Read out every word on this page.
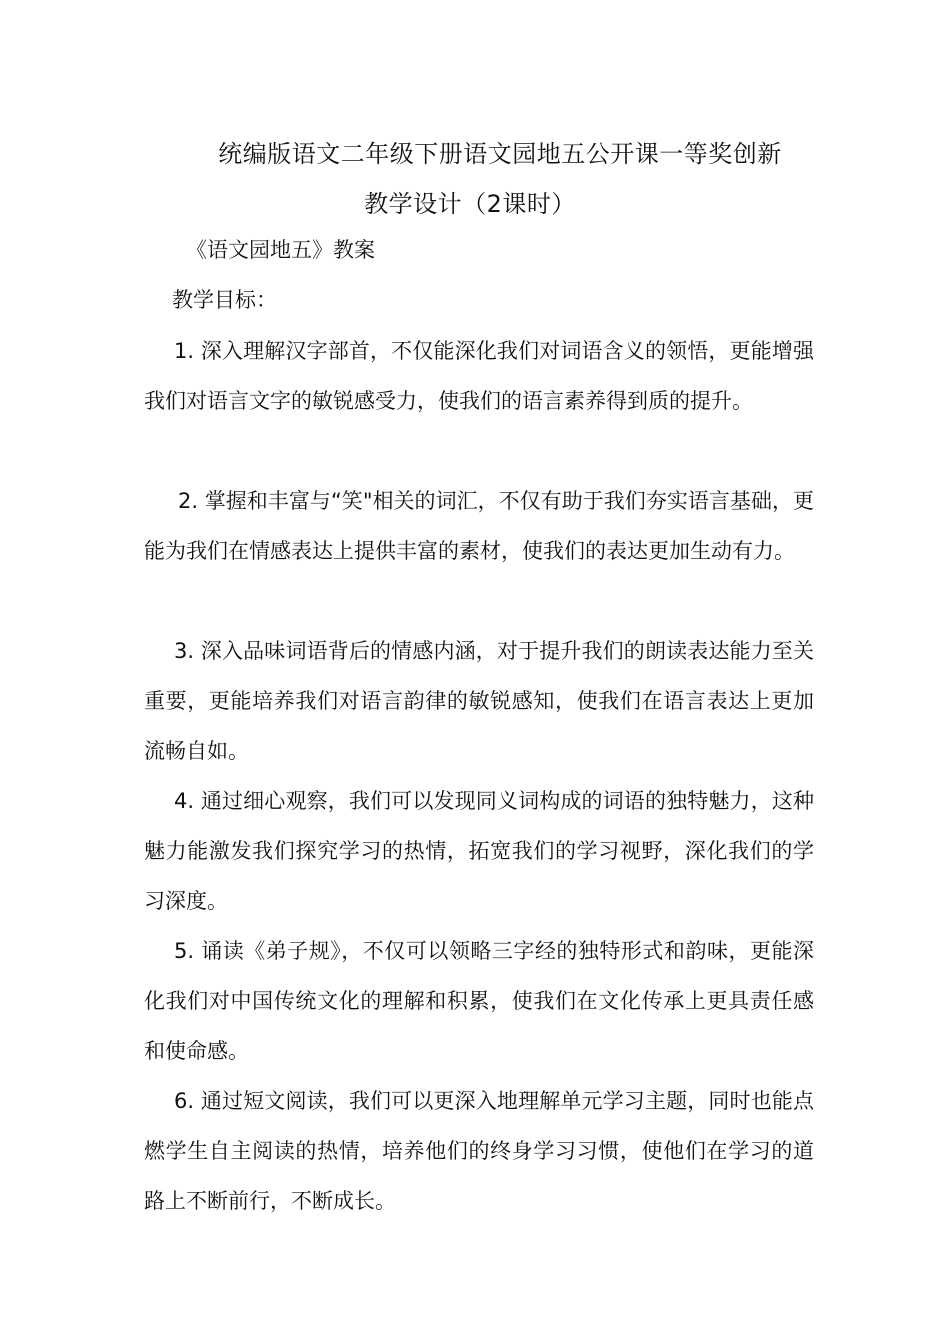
统编版语文二年级下册语文园地五公开课一等奖创新
教学设计（2课时）
《语文园地五》教案
教学目标：
1. 深入理解汉字部首，不仅能深化我们对词语含义的领悟，更能增强我们对语言文字的敏锐感受力，使我们的语言素养得到质的提升。
2. 掌握和丰富与“笑"相关的词汇，不仅有助于我们夯实语言基础，更能为我们在情感表达上提供丰富的素材，使我们的表达更加生动有力。
3. 深入品味词语背后的情感内涵，对于提升我们的朗读表达能力至关重要，更能培养我们对语言韵律的敏锐感知，使我们在语言表达上更加流畅自如。
4. 通过细心观察，我们可以发现同义词构成的词语的独特魅力，这种魅力能激发我们探究学习的热情，拓宽我们的学习视野，深化我们的学习深度。
5. 诵读《弟子规》，不仅可以领略三字经的独特形式和韵味，更能深化我们对中国传统文化的理解和积累，使我们在文化传承上更具责任感和使命感。
6. 通过短文阅读，我们可以更深入地理解单元学习主题，同时也能点燃学生自主阅读的热情，培养他们的终身学习习惯，使他们在学习的道路上不断前行，不断成长。
